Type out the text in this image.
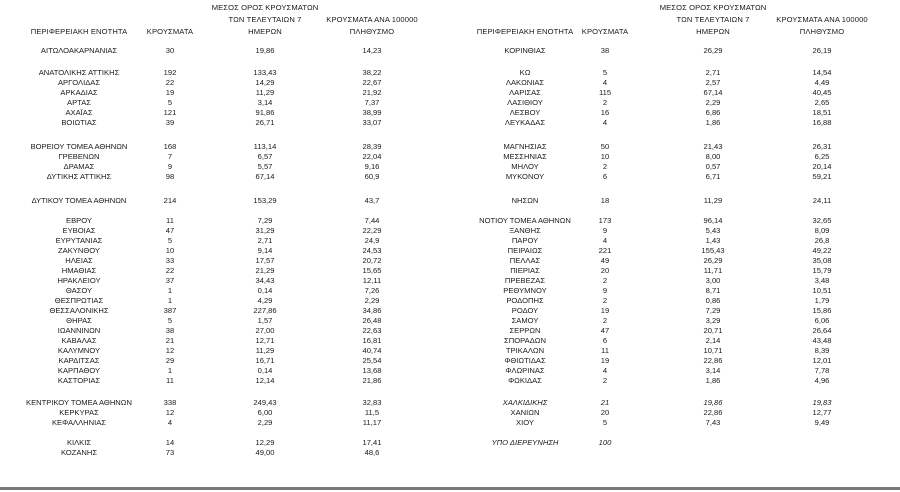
ΠΕΡΙΦΕΡΕΙΑΚΗ ΕΝΟΤΗΤΑ	ΚΡΟΥΣΜΑΤΑ
ΜΕΣΟΣ ΟΡΟΣ ΚΡΟΥΣΜΑΤΩΝ
ΤΩΝ ΤΕΛΕΥΤΑΙΩΝ 7
ΗΜΕΡΩΝ
ΚΡΟΥΣΜΑΤΑ ΑΝΑ 100000
ΠΛΗΘΥΣΜΟ
ΑΙΤΩΛΟΑΚΑΡΝΑΝΙΑΣ	30	19,86	14,23
ΑΝΑΤΟΛΙΚΗΣ ΑΤΤΙΚΗΣ	192	133,43	38,22
ΑΡΓΟΛΙΔΑΣ	22	14,29	22,67
ΑΡΚΑΔΙΑΣ	19	11,29	21,92
ΑΡΤΑΣ	5	3,14	7,37
ΑΧΑΪΑΣ	121	91,86	38,99
ΒΟΙΩΤΙΑΣ	39	26,71	33,07
ΒΟΡΕΙΟΥ ΤΟΜΕΑ ΑΘΗΝΩΝ	168	113,14	28,39
ΓΡΕΒΕΝΩΝ	7	6,57	22,04
ΔΡΑΜΑΣ	9	5,57	9,16
ΔΥΤΙΚΗΣ ΑΤΤΙΚΗΣ	98	67,14	60,9
ΔΥΤΙΚΟΥ ΤΟΜΕΑ ΑΘΗΝΩΝ	214	153,29	43,7
ΕΒΡΟΥ	11	7,29	7,44
ΕΥΒΟΙΑΣ	47	31,29	22,29
ΕΥΡΥΤΑΝΙΑΣ	5	2,71	24,9
ΖΑΚΥΝΘΟΥ	10	9,14	24,53
ΗΛΕΙΑΣ	33	17,57	20,72
ΗΜΑΘΙΑΣ	22	21,29	15,65
ΗΡΑΚΛΕΙΟΥ	37	34,43	12,11
ΘΑΣΟΥ	1	0,14	7,26
ΘΕΣΠΡΩΤΙΑΣ	1	4,29	2,29
ΘΕΣΣΑΛΟΝΙΚΗΣ	387	227,86	34,86
ΘΗΡΑΣ	5	1,57	26,48
ΙΩΑΝΝΙΝΩΝ	38	27,00	22,63
ΚΑΒΑΛΑΣ	21	12,71	16,81
ΚΑΛΥΜΝΟΥ	12	11,29	40,74
ΚΑΡΔΙΤΣΑΣ	29	16,71	25,54
ΚΑΡΠΑΘΟΥ	1	0,14	13,68
ΚΑΣΤΟΡΙΑΣ	11	12,14	21,86
ΚΕΝΤΡΙΚΟΥ ΤΟΜΕΑ ΑΘΗΝΩΝ	338	249,43	32,83
ΚΕΡΚΥΡΑΣ	12	6,00	11,5
ΚΕΦΑΛΛΗΝΙΑΣ	4	2,29	11,17
ΚΙΛΚΙΣ	14	12,29	17,41
ΚΟΖΑΝΗΣ	73	49,00	48,6
ΠΕΡΙΦΕΡΕΙΑΚΗ ΕΝΟΤΗΤΑ	ΚΡΟΥΣΜΑΤΑ
ΜΕΣΟΣ ΟΡΟΣ ΚΡΟΥΣΜΑΤΩΝ
ΤΩΝ ΤΕΛΕΥΤΑΙΩΝ 7
ΗΜΕΡΩΝ
ΚΡΟΥΣΜΑΤΑ ΑΝΑ 100000
ΠΛΗΘΥΣΜΟ
ΚΟΡΙΝΘΙΑΣ	38	26,29	26,19
ΚΩ	5	2,71	14,54
ΛΑΚΩΝΙΑΣ	4	2,57	4,49
ΛΑΡΙΣΑΣ	115	67,14	40,45
ΛΑΣΙΘΙΟΥ	2	2,29	2,65
ΛΕΣΒΟΥ	16	6,86	18,51
ΛΕΥΚΑΔΑΣ	4	1,86	16,88
ΜΑΓΝΗΣΙΑΣ	50	21,43	26,31
ΜΕΣΣΗΝΙΑΣ	10	8,00	6,25
ΜΗΛΟΥ	2	0,57	20,14
ΜΥΚΟΝΟΥ	6	6,71	59,21
ΝΗΣΩΝ	18	11,29	24,11
ΝΟΤΙΟΥ ΤΟΜΕΑ ΑΘΗΝΩΝ	173	96,14	32,65
ΞΑΝΘΗΣ	9	5,43	8,09
ΠΑΡΟΥ	4	1,43	26,8
ΠΕΙΡΑΙΩΣ	221	155,43	49,22
ΠΕΛΛΑΣ	49	26,29	35,08
ΠΙΕΡΙΑΣ	20	11,71	15,79
ΠΡΕΒΕΖΑΣ	2	3,00	3,48
ΡΕΘΥΜΝΟΥ	9	8,71	10,51
ΡΟΔΟΠΗΣ	2	0,86	1,79
ΡΟΔΟΥ	19	7,29	15,86
ΣΑΜΟΥ	2	3,29	6,06
ΣΕΡΡΩΝ	47	20,71	26,64
ΣΠΟΡΑΔΩΝ	6	2,14	43,48
ΤΡΙΚΑΛΩΝ	11	10,71	8,39
ΦΘΙΩΤΙΔΑΣ	19	22,86	12,01
ΦΛΩΡΙΝΑΣ	4	3,14	7,78
ΦΩΚΙΔΑΣ	2	1,86	4,96
ΧΑΛΚΙΔΙΚΗΣ	21	19,86	19,83
ΧΑΝΙΩΝ	20	22,86	12,77
ΧΙΟΥ	5	7,43	9,49
ΥΠΟ ΔΙΕΡΕΥΝΗΣΗ	100
